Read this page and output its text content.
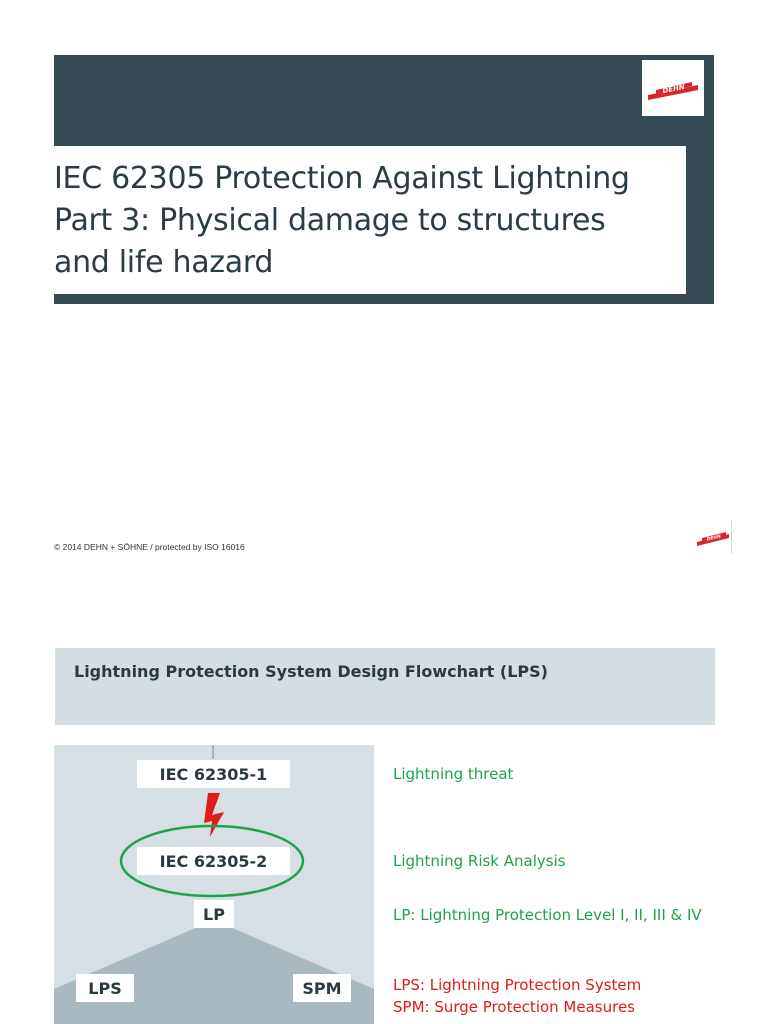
DEHN
IEC 62305 Protection Against Lightning
Part 3: Physical damage to structures
and life hazard
© 2014 DEHN + SÖHNE / protected by ISO 16016
DEHN
Lightning Protection System Design Flowchart (LPS)
IEC 62305-1
IEC 62305-2
LP
LPS	SPM

Lightning threat

Lightning Risk Analysis

LP: Lightning Protection Level I, II, III & IV

LPS: Lightning Protection System

SPM: Surge Protection Measures
